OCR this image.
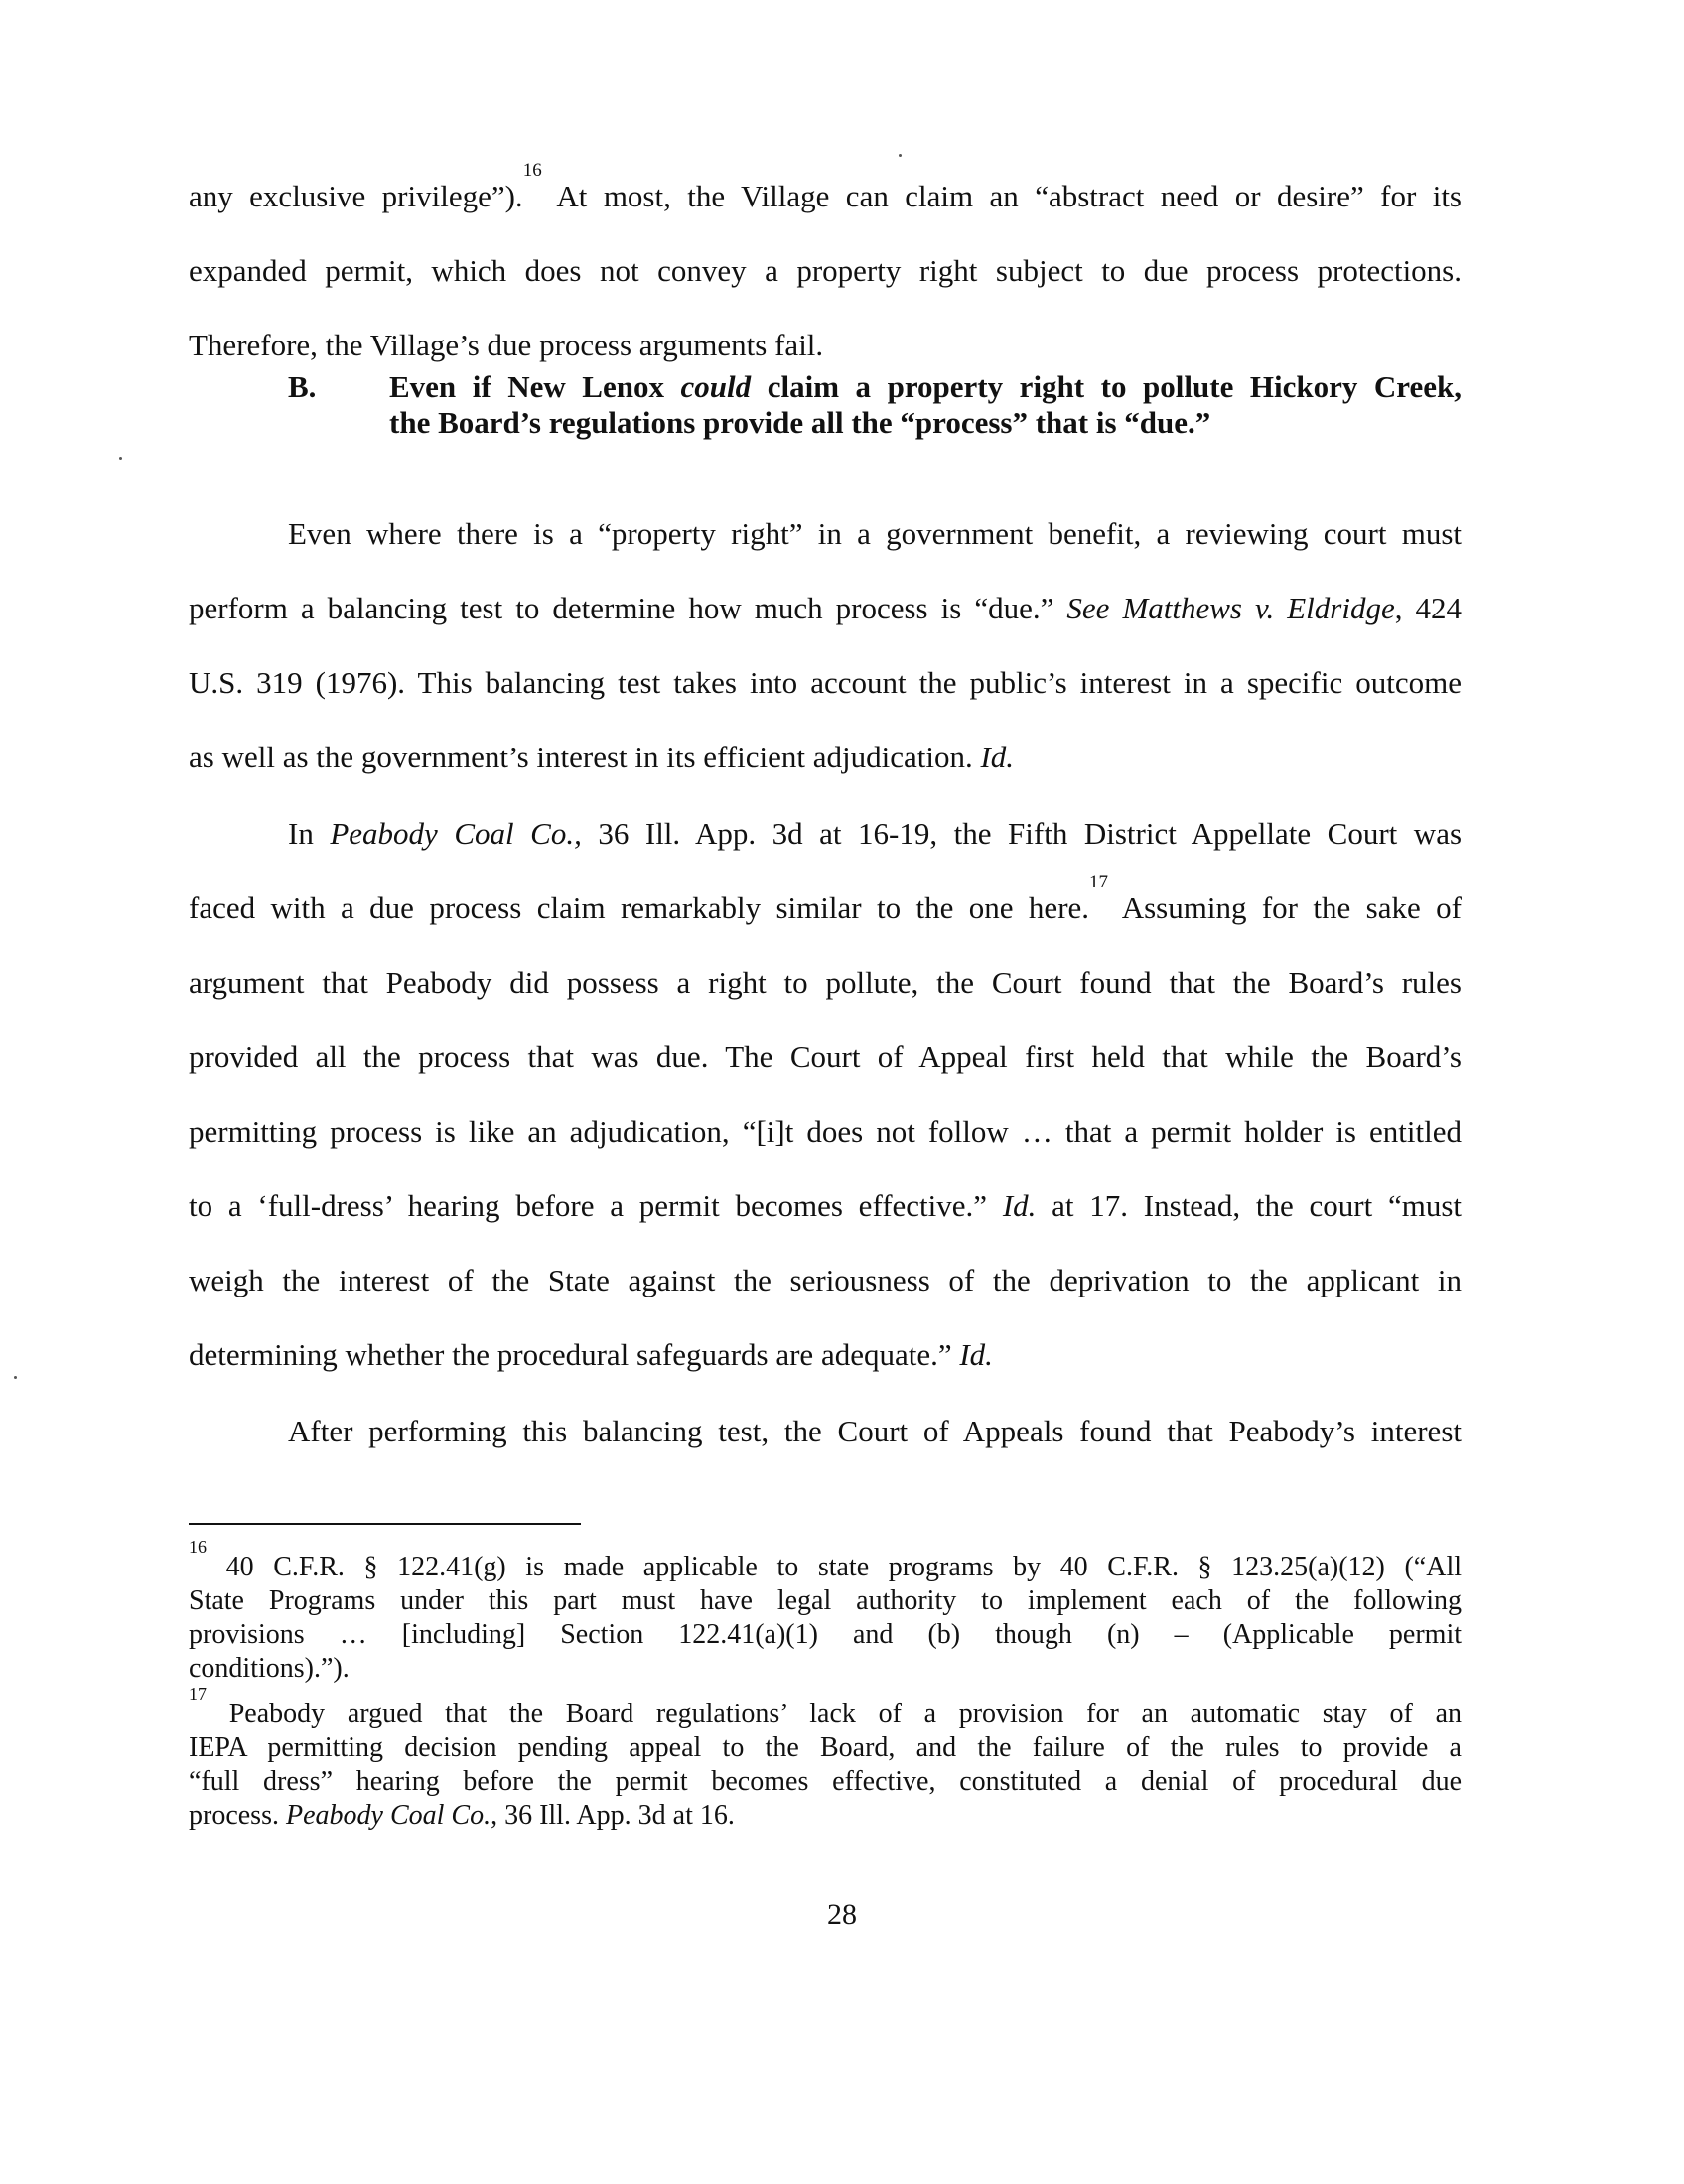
any exclusive privilege”).$^{16}$ At most, the Village can claim an “abstract need or desire” for its
expanded permit, which does not convey a property right subject to due process protections.
Therefore, the Village’s due process arguments fail.
B. Even if New Lenox could claim a property right to pollute Hickory Creek,
the Board’s regulations provide all the “process” that is “due.”
Even where there is a “property right” in a government benefit, a reviewing court must
perform a balancing test to determine how much process is “due.” See Matthews v. Eldridge, 424
U.S. 319 (1976). This balancing test takes into account the public’s interest in a specific outcome
as well as the government’s interest in its efficient adjudication. Id.
In Peabody Coal Co., 36 Ill. App. 3d at 16-19, the Fifth District Appellate Court was
faced with a due process claim remarkably similar to the one here.$^{17}$ Assuming for the sake of
argument that Peabody did possess a right to pollute, the Court found that the Board’s rules
provided all the process that was due. The Court of Appeal first held that while the Board’s
permitting process is like an adjudication, “[i]t does not follow … that a permit holder is entitled
to a ‘full-dress’ hearing before a permit becomes effective.” Id. at 17. Instead, the court “must
weigh the interest of the State against the seriousness of the deprivation to the applicant in
determining whether the procedural safeguards are adequate.” Id.
After performing this balancing test, the Court of Appeals found that Peabody’s interest
$^{16}$ 40 C.F.R. § 122.41(g) is made applicable to state programs by 40 C.F.R. § 123.25(a)(12) (“All
State Programs under this part must have legal authority to implement each of the following
provisions … [including] Section 122.41(a)(1) and (b) though (n) – (Applicable permit
conditions).”).
$^{17}$ Peabody argued that the Board regulations’ lack of a provision for an automatic stay of an
IEPA permitting decision pending appeal to the Board, and the failure of the rules to provide a
“full dress” hearing before the permit becomes effective, constituted a denial of procedural due
process. Peabody Coal Co., 36 Ill. App. 3d at 16.
28
